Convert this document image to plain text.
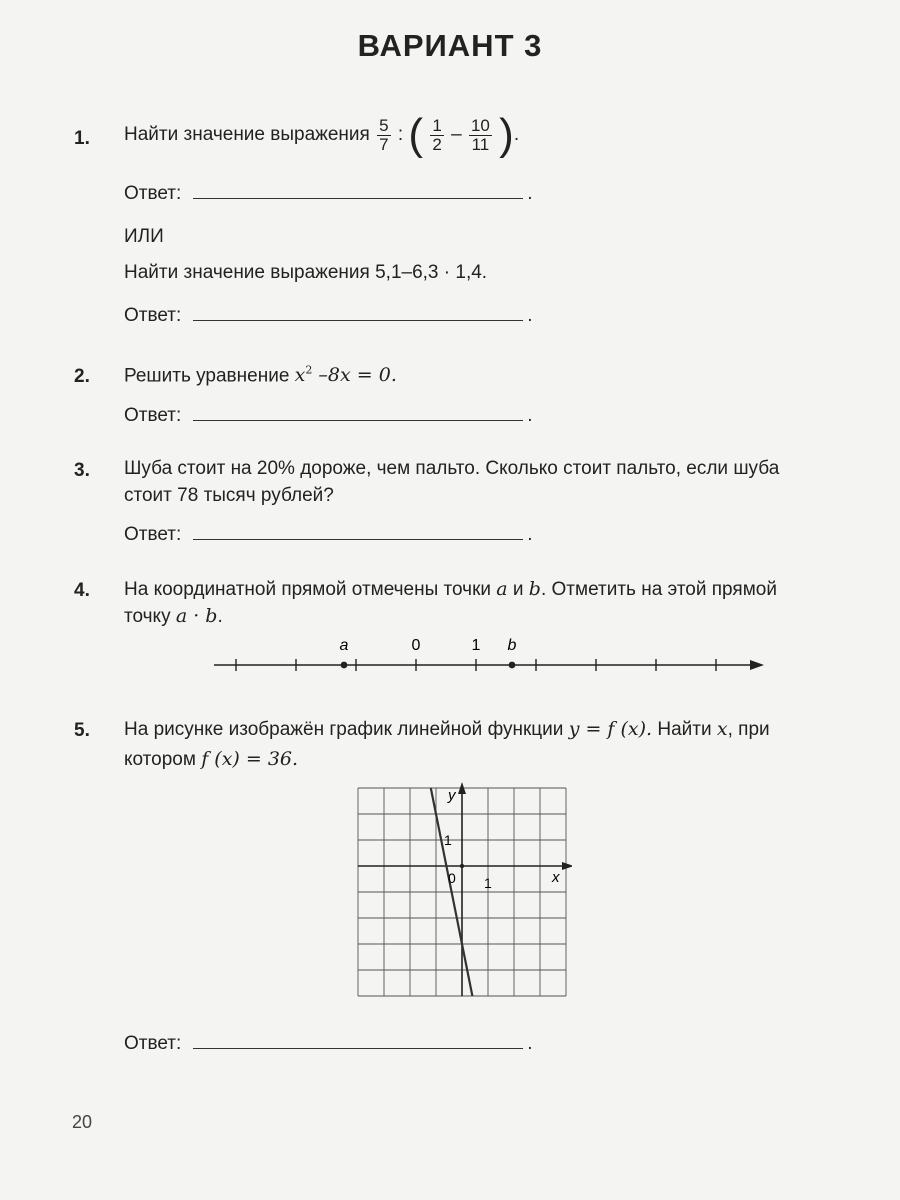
ВАРИАНТ 3
1. Найти значение выражения $\frac{5}{7}$ : ( $\frac{1}{2} - \frac{10}{11}$ ).
Ответ:	.
ИЛИ
Найти значение выражения 5,1–6,3 · 1,4.
Ответ:	.
2. Решить уравнение $x^2$ –8x = 0.
Ответ:	.
3. Шуба стоит на 20% дороже, чем пальто. Сколько стоит пальто, если шуба
стоит 78 тысяч рублей?
Ответ:	.
4. На координатной прямой отмечены точки a и b. Отметить на этой прямой
точку a · b.
a	0	1 b
5. На рисунке изображён график линейной функции y = f (x). Найти x, при
котором f (x) = 36.
y
x
0 1
1
Ответ:	.
20
